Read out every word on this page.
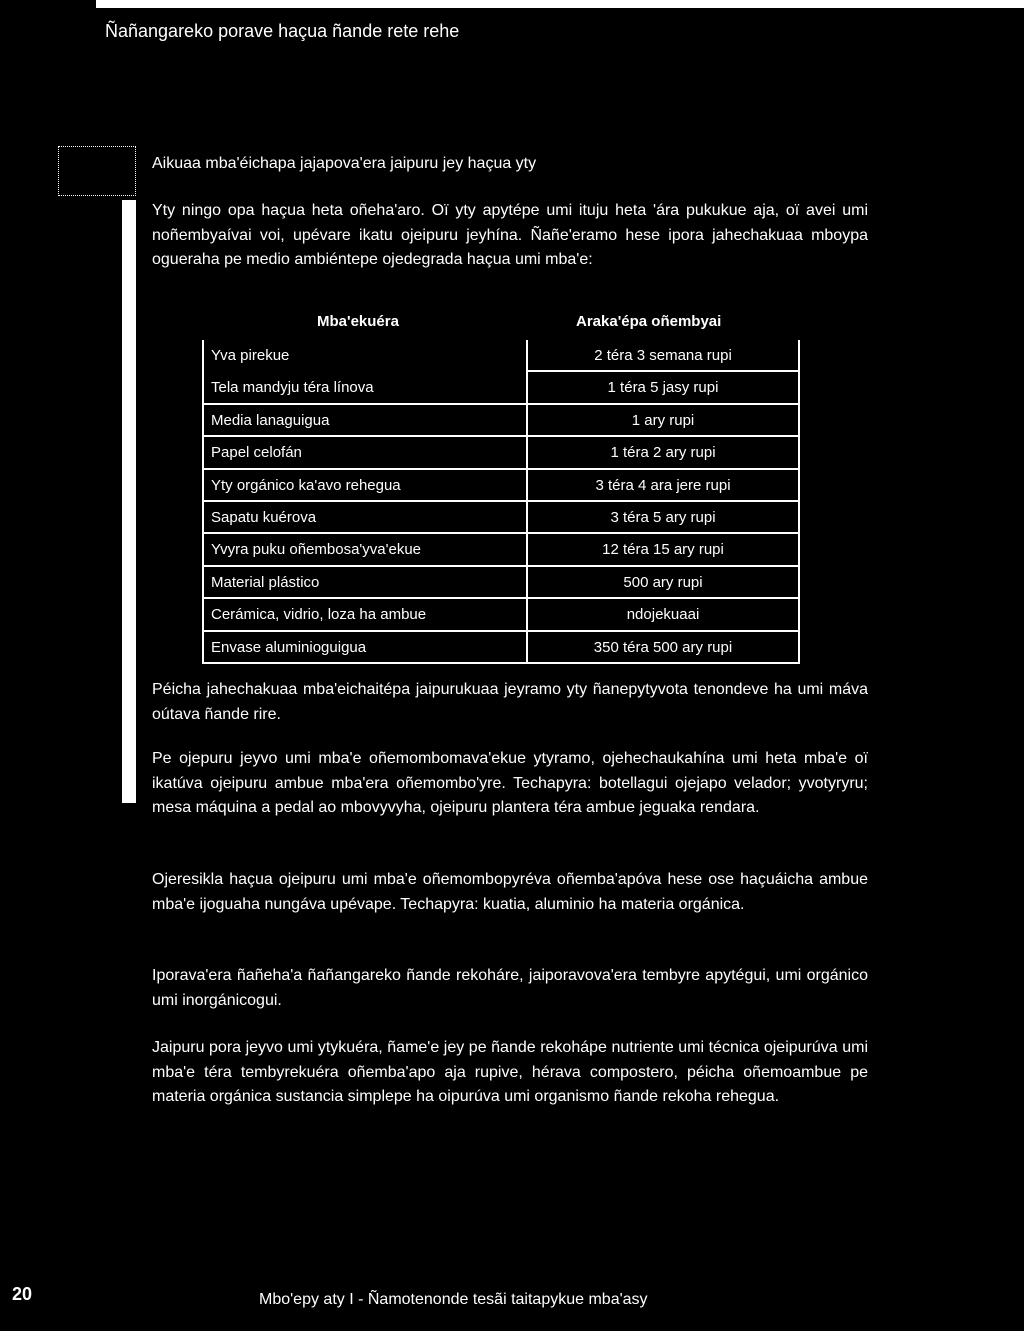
Ñañangareko porave haçua ñande rete rehe
Aikuaa mba'éichapa jajapova'era jaipuru jey haçua yty

Yty ningo opa haçua heta oñeha'aro. Oï yty apytépe umi ituju heta 'ára pukukue aja, oï avei umi noñembyaívai voi, upévare ikatu ojeipuru jeyhína. Ñañe'eramo hese ipora jahechakuaa mboypa ogueraha pe medio ambiéntepe ojedegrada haçua umi mba'e:

Mba'ekuéra	Araka'épa oñembyai
Yva pirekue	2 téra 3 semana rupi
Tela mandyju téra línova	1 téra 5 jasy rupi
Media lanaguigua	1 ary rupi
Papel celofán	1 téra 2 ary rupi
Yty orgánico ka'avo rehegua	3 téra 4 ara jere rupi
Sapatu kuérova	3 téra 5 ary rupi
Yvyra puku oñembosa'yva'ekue	12 téra 15 ary rupi
Material plástico	500 ary rupi
Cerámica, vidrio, loza ha ambue	ndojekuaai
Envase aluminioguigua	350 téra 500 ary rupi

Péicha jahechakuaa mba'eichaitépa jaipurukuaa jeyramo yty ñanepytyvota tenondeve ha umi máva oútava ñande rire.

Pe ojepuru jeyvo umi mba'e oñemombomava'ekue ytyramo, ojehechaukahína umi heta mba'e oï ikatúva ojeipuru ambue mba'era oñemombo'yre. Techapyra: botellagui ojejapo velador; yvotyryru; mesa máquina a pedal ao mbovyvyha, ojeipuru plantera téra ambue jeguaka rendara.

Ojeresikla haçua ojeipuru umi mba'e oñemombopyréva oñemba'apóva hese ose haçuáicha ambue mba'e ijoguaha nungáva upévape. Techapyra: kuatia, aluminio ha materia orgánica.

Iporava'era ñañeha'a ñañangareko ñande rekoháre, jaiporavova'era tembyre apytégui, umi orgánico umi inorgánicogui.

Jaipuru pora jeyvo umi ytykuéra, ñame'e jey pe ñande rekohápe nutriente umi técnica ojeipurúva umi mba'e téra tembyrekuéra oñemba'apo aja rupive, hérava compostero, péicha oñemoambue pe materia orgánica sustancia simplepe ha oipurúva umi organismo ñande rekoha rehegua.

20	Mbo'epy aty I - Ñamotenonde tesãi taitapykue mba'asy
